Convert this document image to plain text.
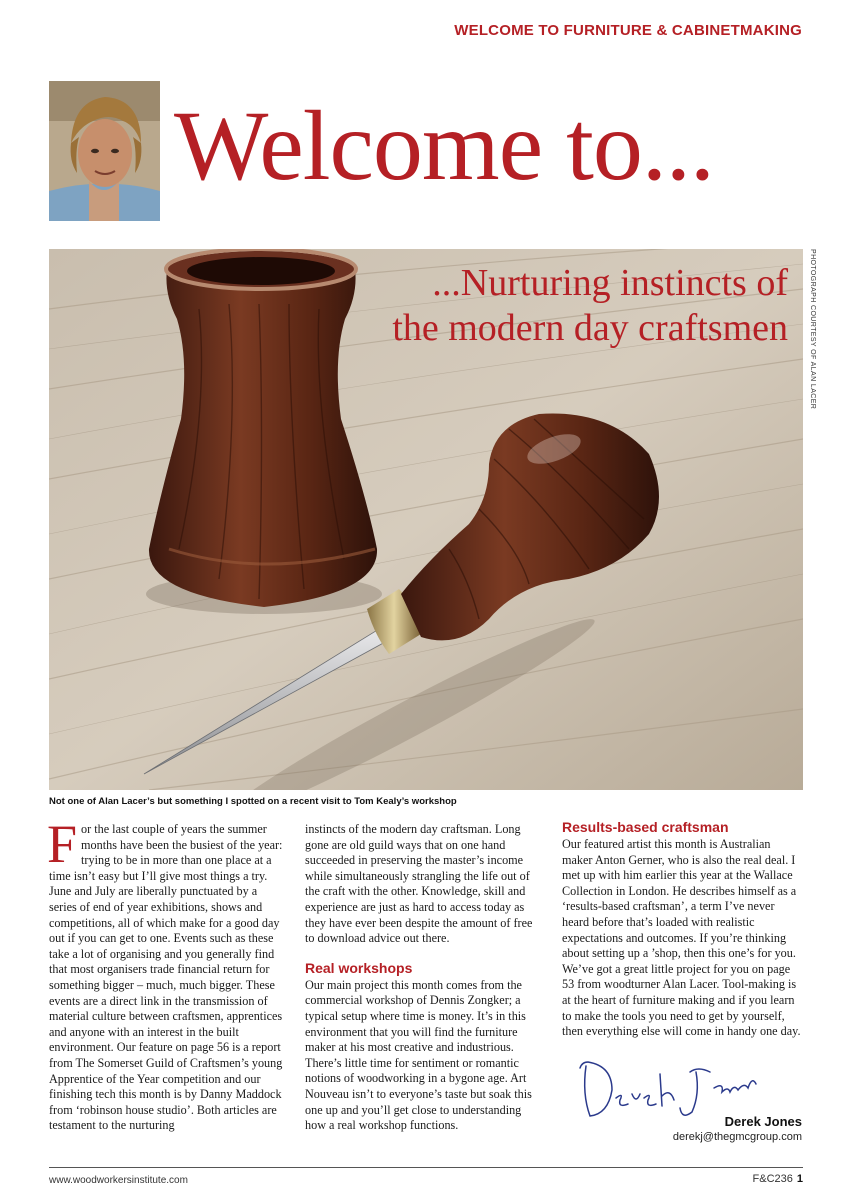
WELCOME TO FURNITURE & CABINETMAKING
Welcome to...
...Nurturing instincts of
the modern day craftsmen	PHOTOGRAPH COURTESY OF ALAN LACER
Not one of Alan Lacer’s but something I spotted on a recent visit to Tom Kealy’s workshop
F or the last couple of years the summer months have been the busiest of the year: trying to be in more than one place at a time isn’t easy but I’ll give most things a try. June and July are liberally punctuated by a series of end of year exhibitions, shows and competitions, all of which make for a good day out if you can get to one. Events such as these take a lot of organising and you generally find that most organisers trade financial return for something bigger – much, much bigger. These events are a direct link in the transmission of material culture between craftsmen, apprentices and anyone with an interest in the built environment. Our feature on page 56 is a report from The Somerset Guild of Craftsmen’s young Apprentice of the Year competition and our finishing tech this month is by Danny Maddock from ‘robinson house studio’. Both articles are testament to the nurturing

instincts of the modern day craftsman. Long gone are old guild ways that on one hand succeeded in preserving the master’s income while simultaneously strangling the life out of the craft with the other. Knowledge, skill and experience are just as hard to access today as they have ever been despite the amount of free to download advice out there.

Real workshops

Our main project this month comes from the commercial workshop of Dennis Zongker; a typical setup where time is money. It’s in this environment that you will find the furniture maker at his most creative and industrious. There’s little time for sentiment or romantic notions of woodworking in a bygone age. Art Nouveau isn’t to everyone’s taste but soak this one up and you’ll get close to understanding how a real workshop functions.

Results-based craftsman

Our featured artist this month is Australian maker Anton Gerner, who is also the real deal. I met up with him earlier this year at the Wallace Collection in London. He describes himself as a ‘results-based craftsman’, a term I’ve never heard before that’s loaded with realistic expectations and outcomes. If you’re thinking about setting up a ’shop, then this one’s for you. We’ve got a great little project for you on page 53 from woodturner Alan Lacer. Tool-making is at the heart of furniture making and if you learn to make the tools you need to get by yourself, then everything else will come in handy one day.

Derek Jones
derekj@thegmcgroup.com
www.woodworkersinstitute.com	F&C236 1
